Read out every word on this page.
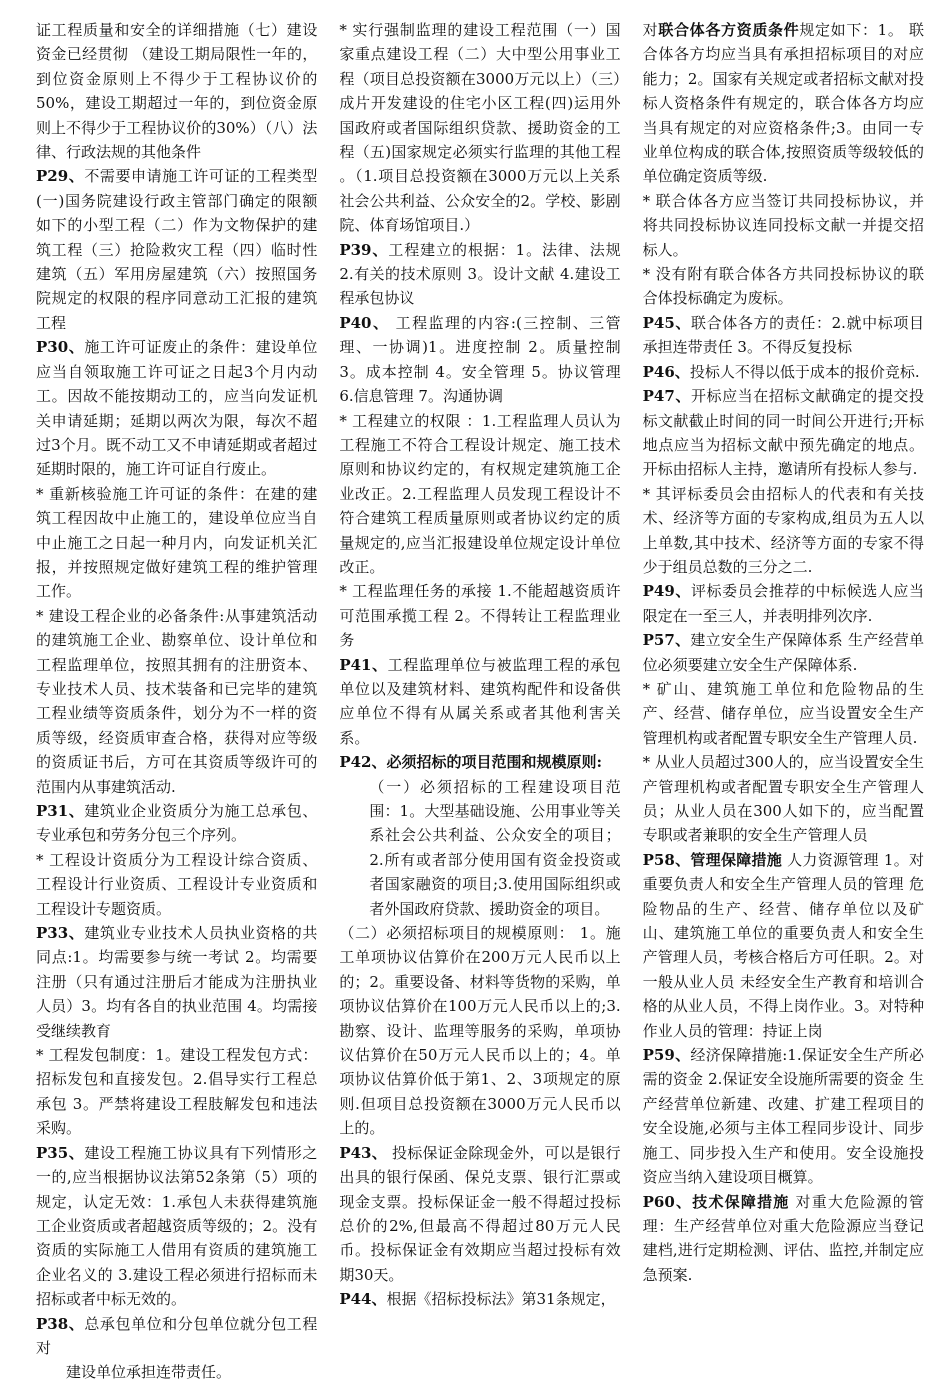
证工程质量和安全的详细措施（七）建设资金已经贯彻 （建设工期局限性一年的，到位资金原则上不得少于工程协议价的50%，建设工期超过一年的，到位资金原则上不得少于工程协议价的30%）（八）法律、行政法规的其他条件

P29、不需要申请施工许可证的工程类型(一)国务院建设行政主管部门确定的限额如下的小型工程（二）作为文物保护的建筑工程（三）抢险救灾工程（四）临时性建筑（五）军用房屋建筑（六）按照国务院规定的权限的程序同意动工汇报的建筑工程

P30、施工许可证废止的条件：建设单位应当自领取施工许可证之日起3个月内动工。因故不能按期动工的，应当向发证机关申请延期；延期以两次为限，每次不超过3个月。既不动工又不申请延期或者超过延期时限的，施工许可证自行废止。

* 重新核验施工许可证的条件：在建的建筑工程因故中止施工的，建设单位应当自中止施工之日起一种月内，向发证机关汇报，并按照规定做好建筑工程的维护管理工作。

* 建设工程企业的必备条件:从事建筑活动的建筑施工企业、勘察单位、设计单位和工程监理单位，按照其拥有的注册资本、专业技术人员、技术装备和已完毕的建筑工程业绩等资质条件，划分为不一样的资质等级，经资质审查合格，获得对应等级的资质证书后，方可在其资质等级许可的范围内从事建筑活动.

P31、建筑业企业资质分为施工总承包、专业承包和劳务分包三个序列。

* 工程设计资质分为工程设计综合资质、工程设计行业资质、工程设计专业资质和工程设计专题资质。

P33、建筑业专业技术人员执业资格的共同点:1。均需要参与统一考试 2。均需要注册（只有通过注册后才能成为注册执业人员）3。均有各自的执业范围 4。均需接受继续教育

* 工程发包制度：1。建设工程发包方式：招标发包和直接发包。2.倡导实行工程总承包 3。严禁将建设工程肢解发包和违法采购。

P35、建设工程施工协议具有下列情形之一的,应当根据协议法第52条第（5）项的规定，认定无效：1.承包人未获得建筑施工企业资质或者超越资质等级的；2。没有资质的实际施工人借用有资质的建筑施工企业名义的 3.建设工程必须进行招标而未招标或者中标无效的。

P38、总承包单位和分包单位就分包工程对

建设单位承担连带责任。

* 实行强制监理的建设工程范围（一）国家重点建设工程（二）大中型公用事业工程（项目总投资额在3000万元以上）（三）成片开发建设的住宅小区工程(四)运用外国政府或者国际组织贷款、援助资金的工程（五)国家规定必须实行监理的其他工程 。（1.项目总投资额在3000万元以上关系社会公共利益、公众安全的2。学校、影剧院、体育场馆项目.）

P39、工程建立的根据：1。法律、法规 2.有关的技术原则 3。设计文献 4.建设工程承包协议

P40、 工程监理的内容:(三控制、三管理、一协调)1。进度控制 2。质量控制 3。成本控制 4。安全管理 5。协议管理 6.信息管理 7。沟通协调

* 工程建立的权限 ：1.工程监理人员认为工程施工不符合工程设计规定、施工技术原则和协议约定的，有权规定建筑施工企业改正。2.工程监理人员发现工程设计不符合建筑工程质量原则或者协议约定的质量规定的,应当汇报建设单位规定设计单位改正。

* 工程监理任务的承接 1.不能超越资质许可范围承揽工程 2。不得转让工程监理业务

P41、工程监理单位与被监理工程的承包单位以及建筑材料、建筑构配件和设备供应单位不得有从属关系或者其他利害关系。

P42、必须招标的项目范围和规模原则:

（一）必须招标的工程建设项目范围：1。大型基础设施、公用事业等关系社会公共利益、公众安全的项目；2.所有或者部分使用国有资金投资或者国家融资的项目;3.使用国际组织或者外国政府贷款、援助资金的项目。

（二）必须招标项目的规模原则： 1。施工单项协议估算价在200万元人民币以上的；2。重要设备、材料等货物的采购，单项协议估算价在100万元人民币以上的;3.勘察、设计、监理等服务的采购，单项协议估算价在50万元人民币以上的；4。单项协议估算价低于第1、2、3项规定的原则.但项目总投资额在3000万元人民币以上的。

P43、 投标保证金除现金外，可以是银行出具的银行保函、保兑支票、银行汇票或现金支票。投标保证金一般不得超过投标总价的2%,但最高不得超过80万元人民币。投标保证金有效期应当超过投标有效期30天。

P44、根据《招标投标法》第31条规定，

对联合体各方资质条件规定如下：1。 联合体各方均应当具有承担招标项目的对应能力；2。国家有关规定或者招标文献对投标人资格条件有规定的，联合体各方均应当具有规定的对应资格条件;3。由同一专业单位构成的联合体,按照资质等级较低的单位确定资质等级.

* 联合体各方应当签订共同投标协议，并将共同投标协议连同投标文献一并提交招标人。

* 没有附有联合体各方共同投标协议的联合体投标确定为废标。

P45、联合体各方的责任：2.就中标项目承担连带责任 3。不得反复投标

P46、投标人不得以低于成本的报价竞标.

P47、开标应当在招标文献确定的提交投标文献截止时间的同一时间公开进行;开标地点应当为招标文献中预先确定的地点。开标由招标人主持，邀请所有投标人参与.

* 其评标委员会由招标人的代表和有关技术、经济等方面的专家构成,组员为五人以上单数,其中技术、经济等方面的专家不得少于组员总数的三分之二.

P49、评标委员会推荐的中标候选人应当限定在一至三人，并表明排列次序.

P57、建立安全生产保障体系 生产经营单位必须要建立安全生产保障体系.

* 矿山、建筑施工单位和危险物品的生产、经营、储存单位，应当设置安全生产管理机构或者配置专职安全生产管理人员.

* 从业人员超过300人的，应当设置安全生产管理机构或者配置专职安全生产管理人员；从业人员在300人如下的，应当配置专职或者兼职的安全生产管理人员

P58、管理保障措施 人力资源管理 1。对重要负责人和安全生产管理人员的管理 危险物品的生产、经营、储存单位以及矿山、建筑施工单位的重要负责人和安全生产管理人员，考核合格后方可任职。2。对一般从业人员 未经安全生产教育和培训合格的从业人员，不得上岗作业。3。对特种作业人员的管理：持证上岗

P59、经济保障措施:1.保证安全生产所必需的资金 2.保证安全设施所需要的资金 生产经营单位新建、改建、扩建工程项目的安全设施,必须与主体工程同步设计、同步施工、同步投入生产和使用。安全设施投资应当纳入建设项目概算。

P60、技术保障措施 对重大危险源的管理：生产经营单位对重大危险源应当登记建档,进行定期检测、评估、监控,并制定应急预案.
